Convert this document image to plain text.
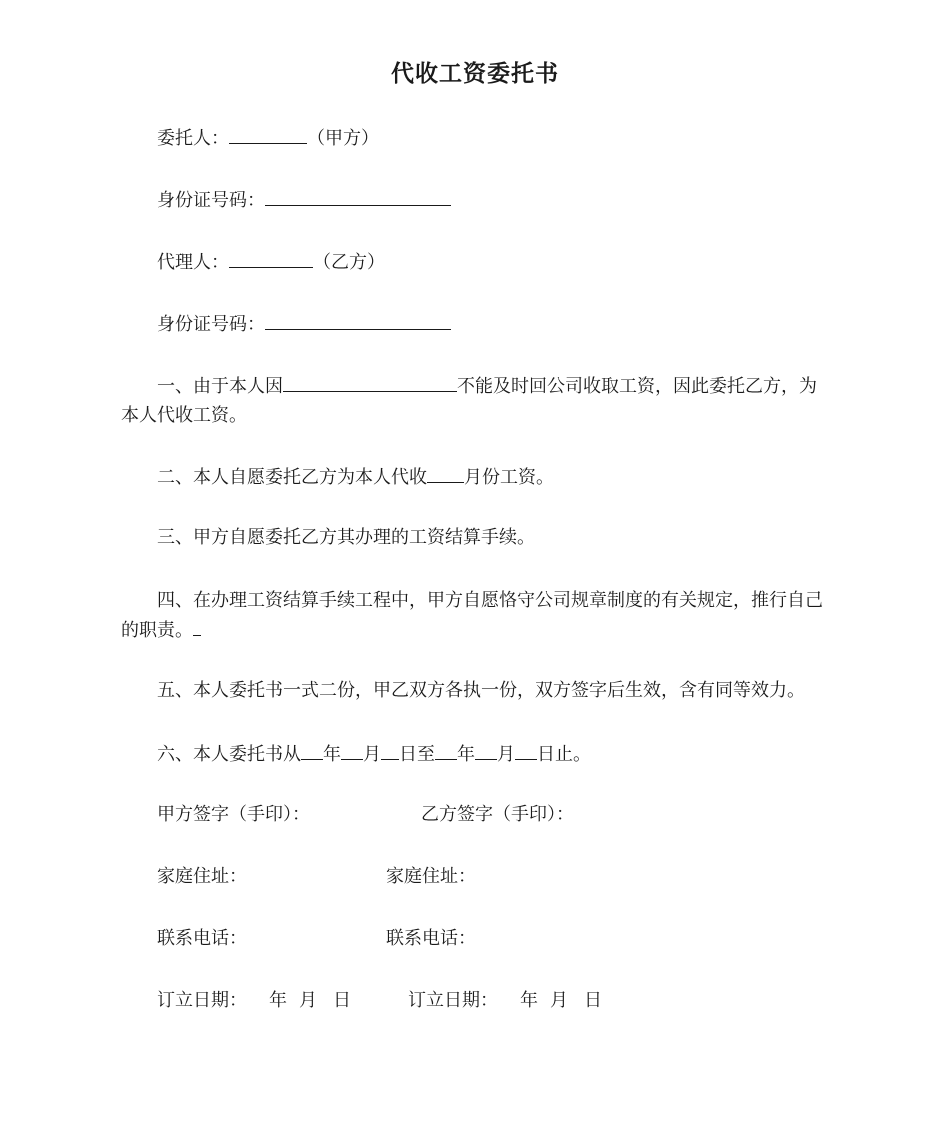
代收工资委托书
委托人：	（甲方）
身份证号码：
代理人：	（乙方）
身份证号码：
一、由于本人因	不能及时回公司收取工资，因此委托乙方，为本人代收工资。
二、本人自愿委托乙方为本人代收 月份工资。
三、甲方自愿委托乙方其办理的工资结算手续。
四、在办理工资结算手续工程中，甲方自愿恪守公司规章制度的有关规定，推行自己的职责。
五、本人委托书一式二份，甲乙双方各执一份，双方签字后生效，含有同等效力。
六、本人委托书从 年 月 日至 年 月 日止。
甲方签字（手印）：	乙方签字（手印）：
家庭住址：	家庭住址：
联系电话：	联系电话：
订立日期： 年 月 日	订立日期： 年 月 日
